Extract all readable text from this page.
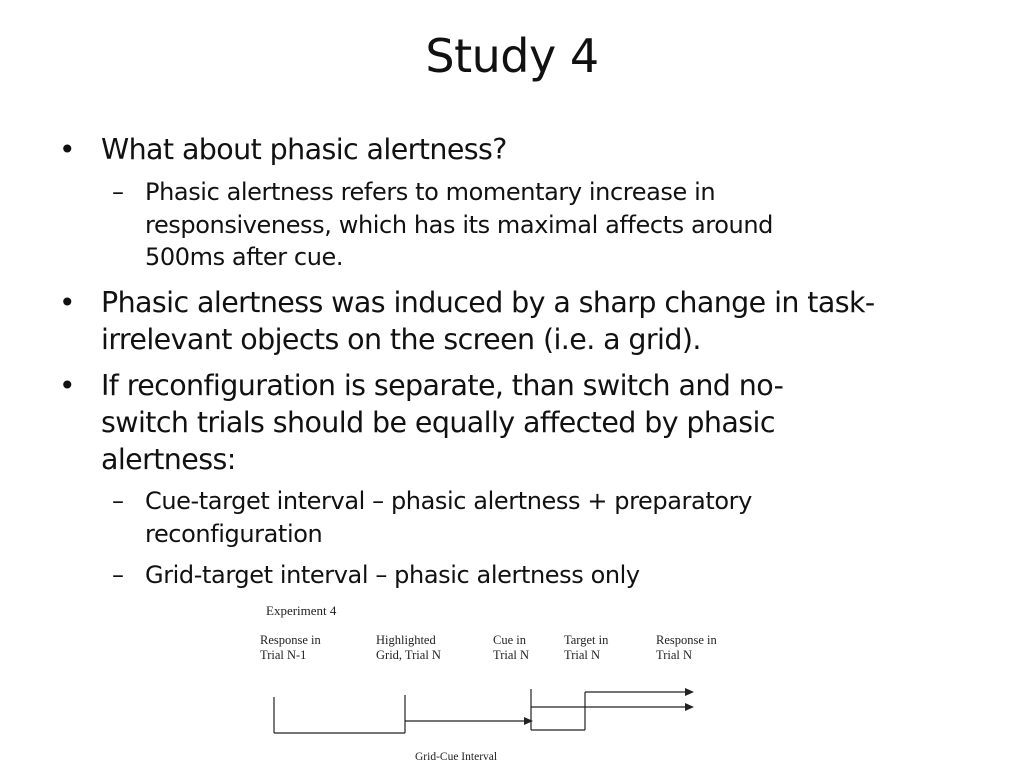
Study 4
• What about phasic alertness?
– Phasic alertness refers to momentary increase in
responsiveness, which has its maximal affects around
500ms after cue.
• Phasic alertness was induced by a sharp change in task-
irrelevant objects on the screen (i.e. a grid).
• If reconfiguration is separate, than switch and no-
switch trials should be equally affected by phasic
alertness:
– Cue-target interval – phasic alertness + preparatory
reconfiguration
– Grid-target interval – phasic alertness only
Experiment 4
Response in
Trial N-1
Highlighted
Grid, Trial N
Cue in
Trial N
Target in
Trial N
Response in
Trial N
Grid-Cue Interval
